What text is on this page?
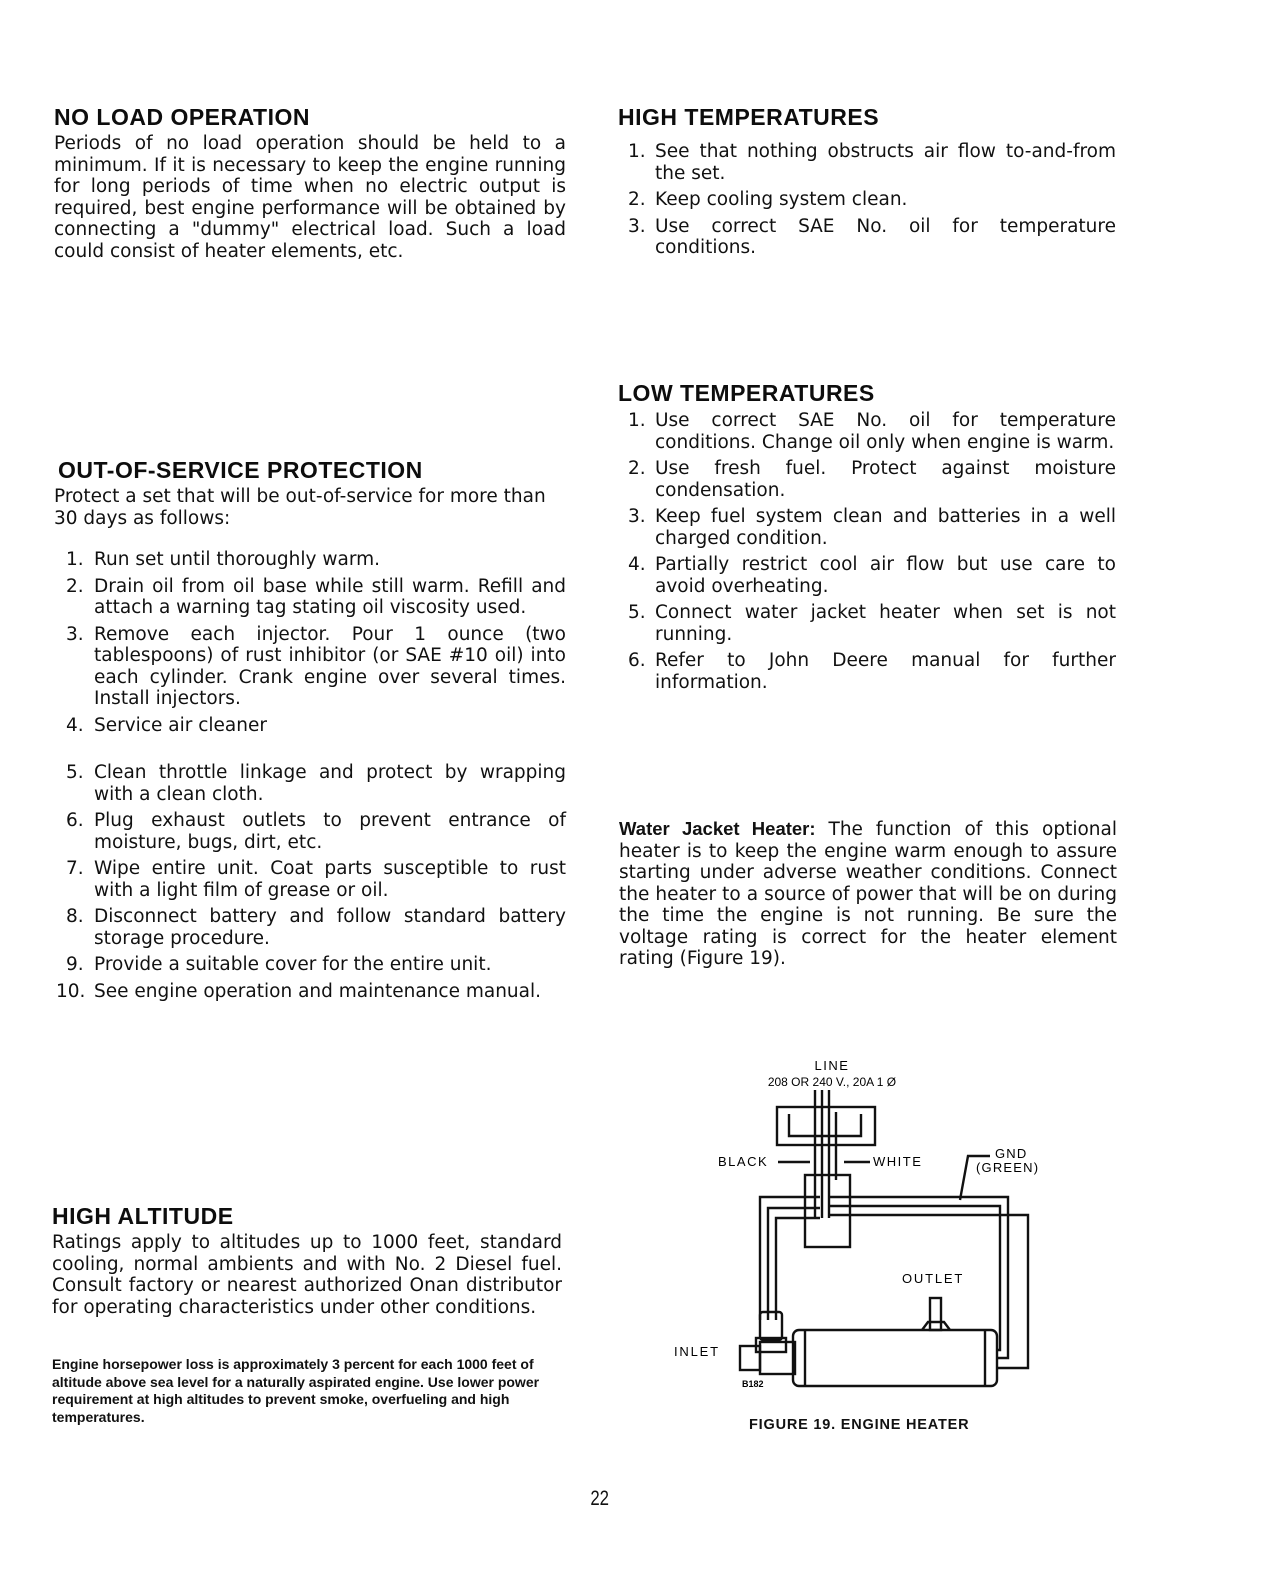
NO LOAD OPERATION

Periods of no load operation should be held to a minimum. If it is necessary to keep the engine running for long periods of time when no electric output is required, best engine performance will be obtained by connecting a "dummy" electrical load. Such a load could consist of heater elements, etc.

HIGH TEMPERATURES
1. See that nothing obstructs air flow to-and-from the set.
2. Keep cooling system clean.
3. Use correct SAE No. oil for temperature conditions.
LOW TEMPERATURES
1. Use correct SAE No. oil for temperature conditions. Change oil only when engine is warm.
2. Use fresh fuel. Protect against moisture condensation.
3. Keep fuel system clean and batteries in a well charged condition.
4. Partially restrict cool air flow but use care to avoid overheating.
5. Connect water jacket heater when set is not running.
6. Refer to John Deere manual for further information.
OUT-OF-SERVICE PROTECTION

Protect a set that will be out-of-service for more than 30 days as follows:

1. Run set until thoroughly warm.
2. Drain oil from oil base while still warm. Refill and attach a warning tag stating oil viscosity used.
3. Remove each injector. Pour 1 ounce (two tablespoons) of rust inhibitor (or SAE #10 oil) into each cylinder. Crank engine over several times. Install injectors.
4. Service air cleaner
5. Clean throttle linkage and protect by wrapping with a clean cloth.
6. Plug exhaust outlets to prevent entrance of moisture, bugs, dirt, etc.
7. Wipe entire unit. Coat parts susceptible to rust with a light film of grease or oil.
8. Disconnect battery and follow standard battery storage procedure.
9. Provide a suitable cover for the entire unit.
10. See engine operation and maintenance manual.

Water Jacket Heater: The function of this optional heater is to keep the engine warm enough to assure starting under adverse weather conditions. Connect the heater to a source of power that will be on during the time the engine is not running. Be sure the voltage rating is correct for the heater element rating (Figure 19).

HIGH ALTITUDE

Ratings apply to altitudes up to 1000 feet, standard cooling, normal ambients and with No. 2 Diesel fuel. Consult factory or nearest authorized Onan distributor for operating characteristics under other conditions.

Engine horsepower loss is approximately 3 percent for each 1000 feet of altitude above sea level for a naturally aspirated engine. Use lower power requirement at high altitudes to prevent smoke, overfueling and high temperatures.

LINE
208 OR 240 V., 20A 1 Ø
BLACK	WHITE
GND
(GREEN)
OUTLET
INLET
B182
FIGURE 19. ENGINE HEATER
22
